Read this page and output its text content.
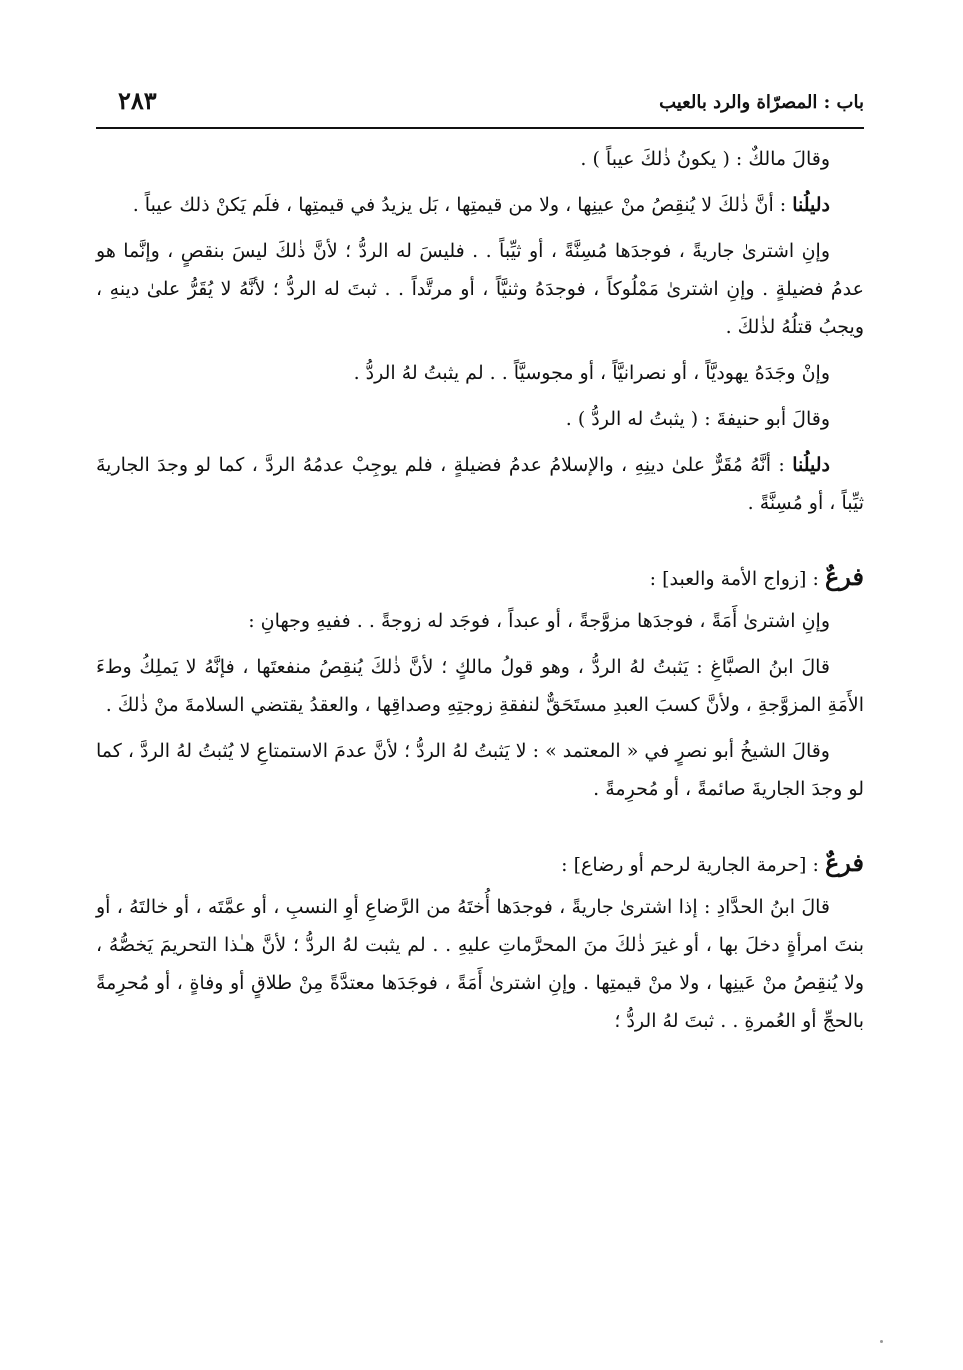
باب : المصرّاة والرد بالعيب
٢٨٣

وقالَ مالكٌ : ( يكونُ ذٰلكَ عيباً ) .

دليلُنا : أنَّ ذٰلكَ لا يُنقِصُ منْ عينِها ، ولا من قيمتِها ، بَل يزيدُ في قيمتِها ، فلَم يَكنْ ذلك عيباً .

وإنِ اشترىٰ جاريةً ، فوجدَها مُسِنَّةً ، أو ثيِّباً . . فليسَ له الردُّ ؛ لأنَّ ذٰلكَ ليسَ بنقصٍ ، وإنَّما هو عدمُ فضيلةٍ . وإنِ اشترىٰ مَمْلُوكاً ، فوجدَهُ وثنيَّاً ، أو مرتَّداً . . ثبتَ له الردُّ ؛ لأنَّهُ لا يُقَرُّ علىٰ دينهِ ، ويجبُ قتلُهُ لذٰلكَ .

وإنْ وجَدَهُ يهوديَّاً ، أو نصرانيَّاً ، أو مجوسيَّاً . . لم يثبتُ لهُ الردُّ .

وقالَ أبو حنيفةَ : ( يثبتُ له الردُّ ) .

دليلُنا : أنَّهُ مُقَرٌّ علىٰ دينِهِ ، والإسلامُ عدمُ فضيلةٍ ، فلم يوجِبْ عدمُهُ الردَّ ، كما لو وجدَ الجاريةَ ثيِّباً ، أو مُسِنَّةً .

فرعٌ : [زواج الأمة والعبد] :

وإنِ اشترىٰ أَمَةً ، فوجدَها مزوَّجةً ، أو عبداً ، فوجَد له زوجةً . . ففيهِ وجهانِ :

قالَ ابنُ الصبَّاغِ : يَثبتُ لهُ الردُّ ، وهو قولُ مالكٍ ؛ لأنَّ ذٰلكَ يُنقِصُ منفعتَها ، فإنَّهُ لا يَملِكُ وطءَ الأَمَةِ المزوَّجةِ ، ولأنَّ كسبَ العبدِ مستَحَقٌّ لنفقةِ زوجتِهِ وصداقِها ، والعقدُ يقتضي السلامةَ منْ ذٰلكَ .

وقالَ الشيخُ أبو نصرٍ في « المعتمد » : لا يَثبتُ لهُ الردُّ ؛ لأنَّ عدمَ الاستمتاعِ لا يُثبتُ لهُ الردَّ ، كما لو وجدَ الجاريةَ صائمةً ، أو مُحرِمةً .

فرعٌ : [حرمة الجارية لرحم أو رضاع] :

قالَ ابنُ الحدَّادِ : إذا اشترىٰ جاريةً ، فوجدَها أُختَهُ من الرَّضاعِ أوِ النسبِ ، أو عمَّتَه ، أو خالتَهُ ، أو بنتَ امرأةٍ دخلَ بها ، أو غيرَ ذٰلكَ منَ المحرَّماتِ عليهِ . . لم يثبت لهُ الردُّ ؛ لأنَّ هـٰذا التحريمَ يَخصُّهُ ، ولا يُنقِصُ منْ عَينِها ، ولا منْ قيمتِها . وإنِ اشترىٰ أَمَةً ، فوجَدَها معتدَّةً مِنْ طلاقٍ أو وفاةٍ ، أو مُحرِمةً بالحجِّ أو العُمرةِ . . ثبتَ لهُ الردُّ ؛
